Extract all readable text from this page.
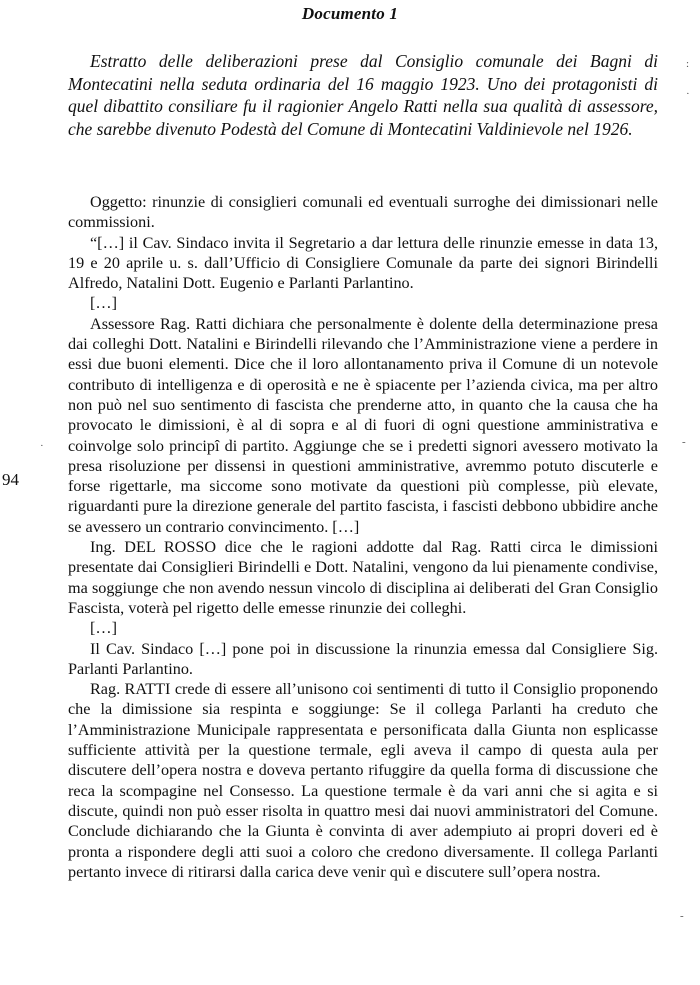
Documento 1
Estratto delle deliberazioni prese dal Consiglio comunale dei Bagni di Montecatini nella seduta ordinaria del 16 maggio 1923. Uno dei protagonisti di quel dibattito consiliare fu il ragionier Angelo Ratti nella sua qualità di assessore, che sarebbe divenuto Podestà del Comune di Montecatini Valdinievole nel 1926.

Oggetto: rinunzie di consiglieri comunali ed eventuali surroghe dei dimissionari nelle commissioni.

“[…] il Cav. Sindaco invita il Segretario a dar lettura delle rinunzie emesse in data 13, 19 e 20 aprile u. s. dall’Ufficio di Consigliere Comunale da parte dei signori Birindelli Alfredo, Natalini Dott. Eugenio e Parlanti Parlantino.

[…]

Assessore Rag. Ratti dichiara che personalmente è dolente della determinazione presa dai colleghi Dott. Natalini e Birindelli rilevando che l’Amministrazione viene a perdere in essi due buoni elementi. Dice che il loro allontanamento priva il Comune di un notevole contributo di intelligenza e di operosità e ne è spiacente per l’azienda civica, ma per altro non può nel suo sentimento di fascista che prenderne atto, in quanto che la causa che ha provocato le dimissioni, è al di sopra e al di fuori di ogni questione amministrativa e coinvolge solo principî di partito. Aggiunge che se i predetti signori avessero motivato la presa risoluzione per dissensi in questioni amministrative, avremmo potuto discuterle e forse rigettarle, ma siccome sono motivate da questioni più complesse, più elevate, riguardanti pure la direzione generale del partito fascista, i fascisti debbono ubbidire anche se avessero un contrario convincimento. […]

Ing. DEL ROSSO dice che le ragioni addotte dal Rag. Ratti circa le dimissioni presentate dai Consiglieri Birindelli e Dott. Natalini, vengono da lui pienamente condivise, ma soggiunge che non avendo nessun vincolo di disciplina ai deliberati del Gran Consiglio Fascista, voterà pel rigetto delle emesse rinunzie dei colleghi.

[…]

Il Cav. Sindaco […] pone poi in discussione la rinunzia emessa dal Consigliere Sig. Parlanti Parlantino.

Rag. RATTI crede di essere all’unisono coi sentimenti di tutto il Consiglio proponendo che la dimissione sia respinta e soggiunge: Se il collega Parlanti ha creduto che l’Amministrazione Municipale rappresentata e personificata dalla Giunta non esplicasse sufficiente attività per la questione termale, egli aveva il campo di questa aula per discutere dell’opera nostra e doveva pertanto rifuggire da quella forma di discussione che reca la scompagine nel Consesso. La questione termale è da vari anni che si agita e si discute, quindi non può esser risolta in quattro mesi dai nuovi amministratori del Comune. Conclude dichiarando che la Giunta è convinta di aver adempiuto ai propri doveri ed è pronta a rispondere degli atti suoi a coloro che credono diversamente. Il collega Parlanti pertanto invece di ritirarsi dalla carica deve venir quì e discutere sull’opera nostra.

94
:
·
·	-
-
